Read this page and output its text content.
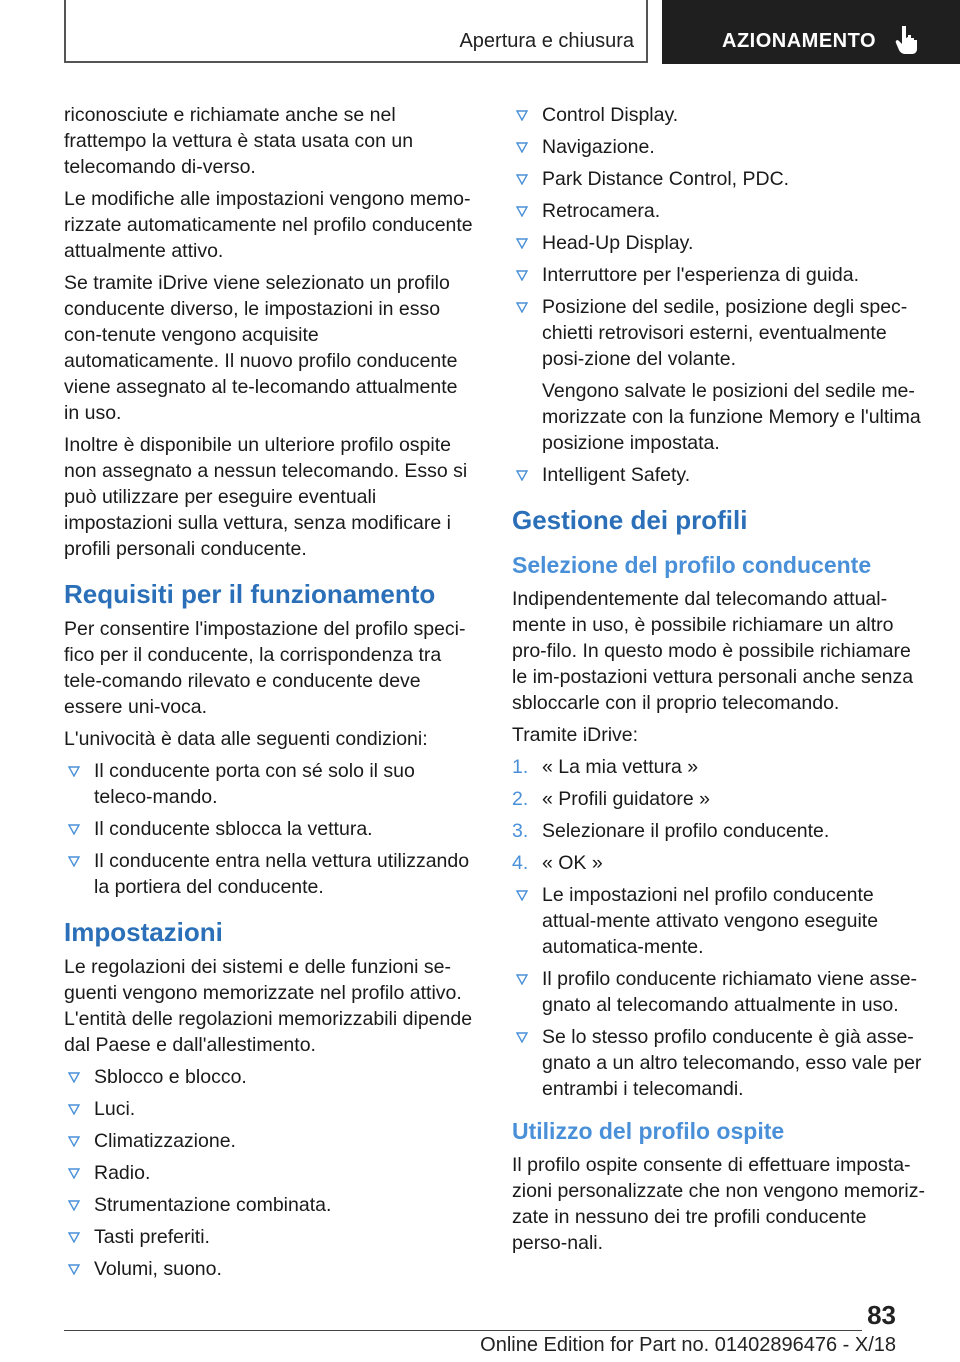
Apertura e chiusura	AZIONAMENTO

riconosciute e richiamate anche se nel frattempo la vettura è stata usata con un telecomando di‐verso.

Le modifiche alle impostazioni vengono memo‐rizzate automaticamente nel profilo conducente attualmente attivo.

Se tramite iDrive viene selezionato un profilo conducente diverso, le impostazioni in esso con‐tenute vengono acquisite automaticamente. Il nuovo profilo conducente viene assegnato al te‐lecomando attualmente in uso.

Inoltre è disponibile un ulteriore profilo ospite non assegnato a nessun telecomando. Esso si può utilizzare per eseguire eventuali impostazioni sulla vettura, senza modificare i profili personali conducente.

Requisiti per il funzionamento

Per consentire l'impostazione del profilo speci‐fico per il conducente, la corrispondenza tra tele‐comando rilevato e conducente deve essere uni‐voca.

L'univocità è data alle seguenti condizioni:

Il conducente porta con sé solo il suo teleco‐mando.
Il conducente sblocca la vettura.
Il conducente entra nella vettura utilizzando la portiera del conducente.
Impostazioni

Le regolazioni dei sistemi e delle funzioni se‐guenti vengono memorizzate nel profilo attivo. L'entità delle regolazioni memorizzabili dipende dal Paese e dall'allestimento.

Sblocco e blocco.
Luci.
Climatizzazione.
Radio.
Strumentazione combinata.
Tasti preferiti.
Volumi, suono.
Control Display.
Navigazione.
Park Distance Control, PDC.
Retrocamera.
Head-Up Display.
Interruttore per l'esperienza di guida.
Posizione del sedile, posizione degli spec‐chietti retrovisori esterni, eventualmente posi‐zione del volante.
Vengono salvate le posizioni del sedile me‐morizzate con la funzione Memory e l'ultima posizione impostata.
Intelligent Safety.
Gestione dei profili
Selezione del profilo conducente

Indipendentemente dal telecomando attual‐mente in uso, è possibile richiamare un altro pro‐filo. In questo modo è possibile richiamare le im‐postazioni vettura personali anche senza sbloccarle con il proprio telecomando.

Tramite iDrive:

1. « La mia vettura »
2. « Profili guidatore »
3. Selezionare il profilo conducente.
4. « OK »
Le impostazioni nel profilo conducente attual‐mente attivato vengono eseguite automatica‐mente.
Il profilo conducente richiamato viene asse‐gnato al telecomando attualmente in uso.
Se lo stesso profilo conducente è già asse‐gnato a un altro telecomando, esso vale per entrambi i telecomandi.
Utilizzo del profilo ospite

Il profilo ospite consente di effettuare imposta‐zioni personalizzate che non vengono memoriz‐zate in nessuno dei tre profili conducente perso‐nali.

83
Online Edition for Part no. 01402896476 - X/18
